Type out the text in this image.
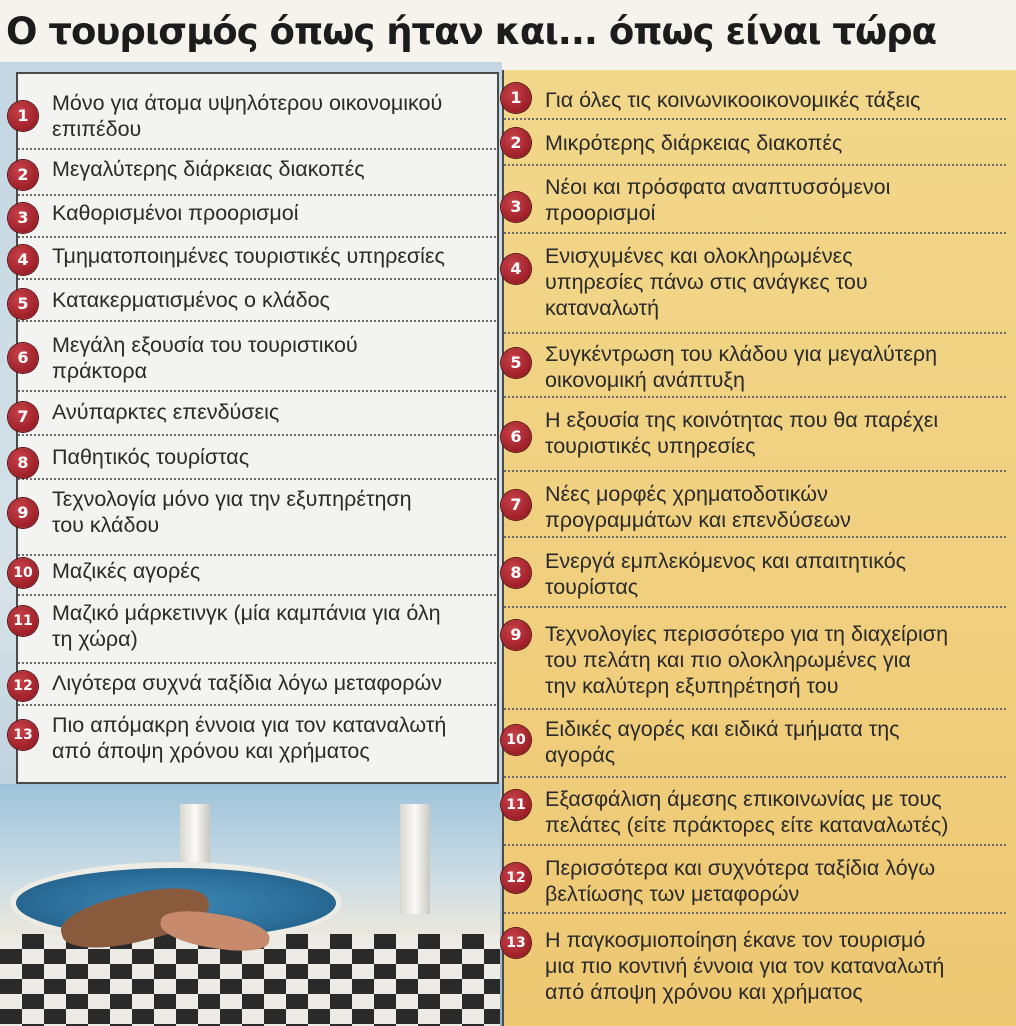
Ο τουρισμός όπως ήταν και... όπως είναι τώρα
1
Μόνο για άτομα υψηλότερου οικονομικού
επιπέδου
2	Μεγαλύτερης διάρκειας διακοπές
3	Καθορισμένοι προορισμοί
4	Τμηματοποιημένες τουριστικές υπηρεσίες
5	Κατακερματισμένος ο κλάδος
6
Μεγάλη εξουσία του τουριστικού
πράκτορα
7	Ανύπαρκτες επενδύσεις
8	Παθητικός τουρίστας
9
Τεχνολογία μόνο για την εξυπηρέτηση
του κλάδου
10 Μαζικές αγορές
11 Μαζικό μάρκετινγκ (μία καμπάνια για όλη
τη χώρα)
12 Λιγότερα συχνά ταξίδια λόγω μεταφορών
13 Πιο απόμακρη έννοια για τον καταναλωτή
από άποψη χρόνου και χρήματος
1	Για όλες τις κοινωνικοοικονομικές τάξεις
2	Μικρότερης διάρκειας διακοπές
3
Νέοι και πρόσφατα αναπτυσσόμενοι
προορισμοί
4
Ενισχυμένες και ολοκληρωμένες
υπηρεσίες πάνω στις ανάγκες του
καταναλωτή
5	Συγκέντρωση του κλάδου για μεγαλύτερη
οικονομική ανάπτυξη
6
Η εξουσία της κοινότητας που θα παρέχει
τουριστικές υπηρεσίες
7	Νέες μορφές χρηματοδοτικών
προγραμμάτων και επενδύσεων
8	Ενεργά εμπλεκόμενος και απαιτητικός
τουρίστας
9	Τεχνολογίες περισσότερο για τη διαχείριση
του πελάτη και πιο ολοκληρωμένες για
την καλύτερη εξυπηρέτησή του
10 Ειδικές αγορές και ειδικά τμήματα της
αγοράς
11 Εξασφάλιση άμεσης επικοινωνίας με τους
πελάτες (είτε πράκτορες είτε καταναλωτές)
12 Περισσότερα και συχνότερα ταξίδια λόγω
βελτίωσης των μεταφορών
13 Η παγκοσμιοποίηση έκανε τον τουρισμό
μια πιο κοντινή έννοια για τον καταναλωτή
από άποψη χρόνου και χρήματος
